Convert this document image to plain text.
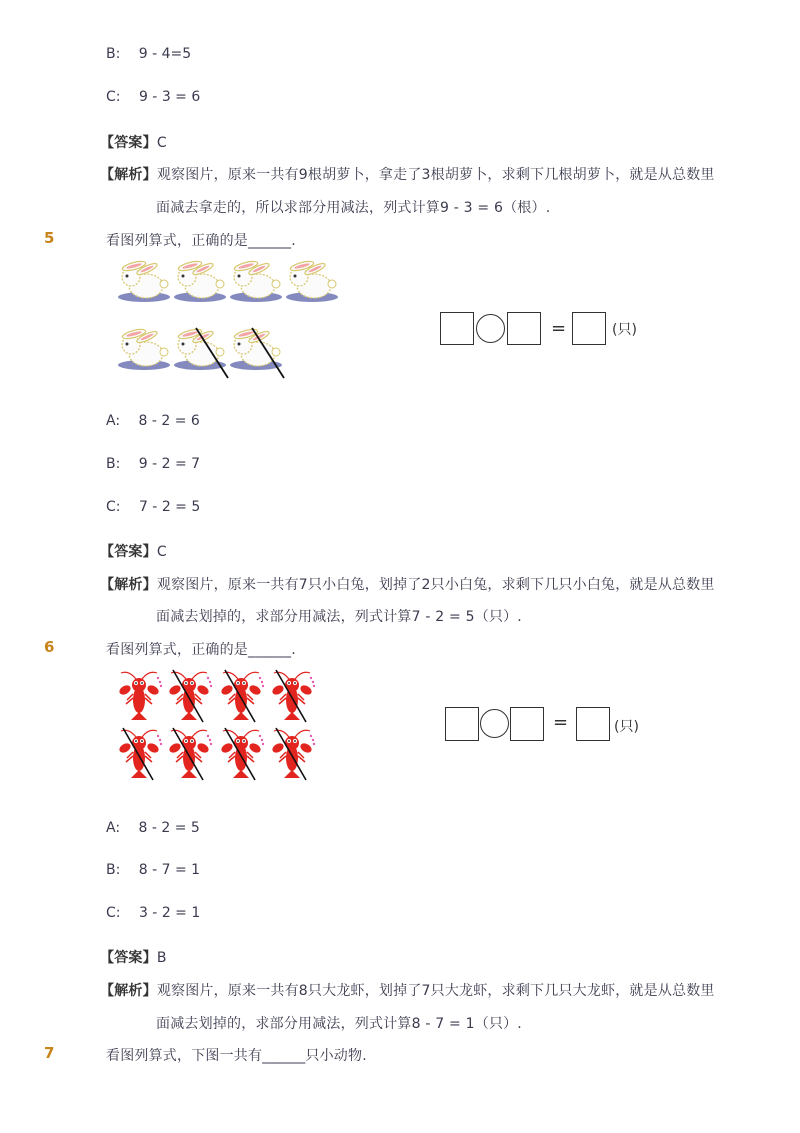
B: 9 - 4=5
C: 9 - 3 = 6
【答案】C
【解析】观察图片，原来一共有9根胡萝卜，拿走了3根胡萝卜，求剩下几根胡萝卜，就是从总数里
面减去拿走的，所以求部分用减法，列式计算9 - 3 = 6（根）.
5	看图列算式，正确的是______.
=	(只)
A: 8 - 2 = 6
B: 9 - 2 = 7
C: 7 - 2 = 5
【答案】C
【解析】观察图片，原来一共有7只小白兔，划掉了2只小白兔，求剩下几只小白兔，就是从总数里
面减去划掉的，求部分用减法，列式计算7 - 2 = 5（只）.
6	看图列算式，正确的是______.
=	(只)
A: 8 - 2 = 5
B: 8 - 7 = 1
C: 3 - 2 = 1
【答案】B
【解析】观察图片，原来一共有8只大龙虾，划掉了7只大龙虾，求剩下几只大龙虾，就是从总数里
面减去划掉的，求部分用减法，列式计算8 - 7 = 1（只）.
7	看图列算式，下图一共有______只小动物.
